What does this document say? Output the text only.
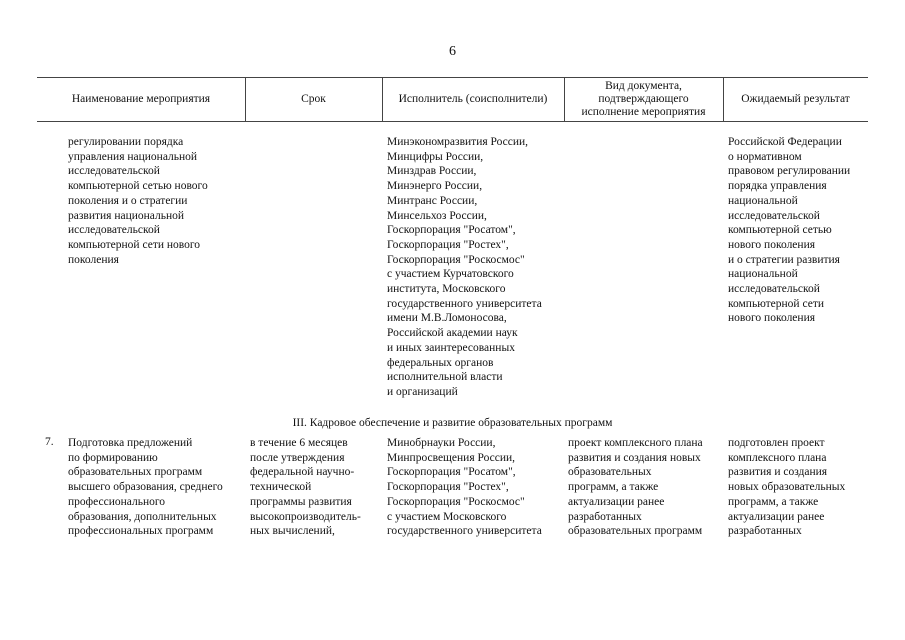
6
Наименование мероприятия	Срок	Исполнитель (соисполнители)
Вид документа,
подтверждающего
исполнение мероприятия
Ожидаемый результат
регулировании порядка
управления национальной
исследовательской
компьютерной сетью нового
поколения и о стратегии
развития национальной
исследовательской
компьютерной сети нового
поколения
Минэкономразвития России,
Минцифры России,
Минздрав России,
Минэнерго России,
Минтранс России,
Минсельхоз России,
Госкорпорация "Росатом",
Госкорпорация "Ростех",
Госкорпорация "Роскосмос"
с участием Курчатовского
института, Московского
государственного университета
имени М.В.Ломоносова,
Российской академии наук
и иных заинтересованных
федеральных органов
исполнительной власти
и организаций
Российской Федерации
о нормативном
правовом регулировании
порядка управления
национальной
исследовательской
компьютерной сетью
нового поколения
и о стратегии развития
национальной
исследовательской
компьютерной сети
нового поколения
III. Кадровое обеспечение и развитие образовательных программ
7. Подготовка предложений
по формированию
образовательных программ
высшего образования, среднего
профессионального
образования, дополнительных
профессиональных программ
в течение 6 месяцев
после утверждения
федеральной научно-
технической
программы развития
высокопроизводитель-
ных вычислений,
Минобрнауки России,
Минпросвещения России,
Госкорпорация "Росатом",
Госкорпорация "Ростех",
Госкорпорация "Роскосмос"
с участием Московского
государственного университета
проект комплексного плана
развития и создания новых
образовательных
программ, а также
актуализации ранее
разработанных
образовательных программ
подготовлен проект
комплексного плана
развития и создания
новых образовательных
программ, а также
актуализации ранее
разработанных
